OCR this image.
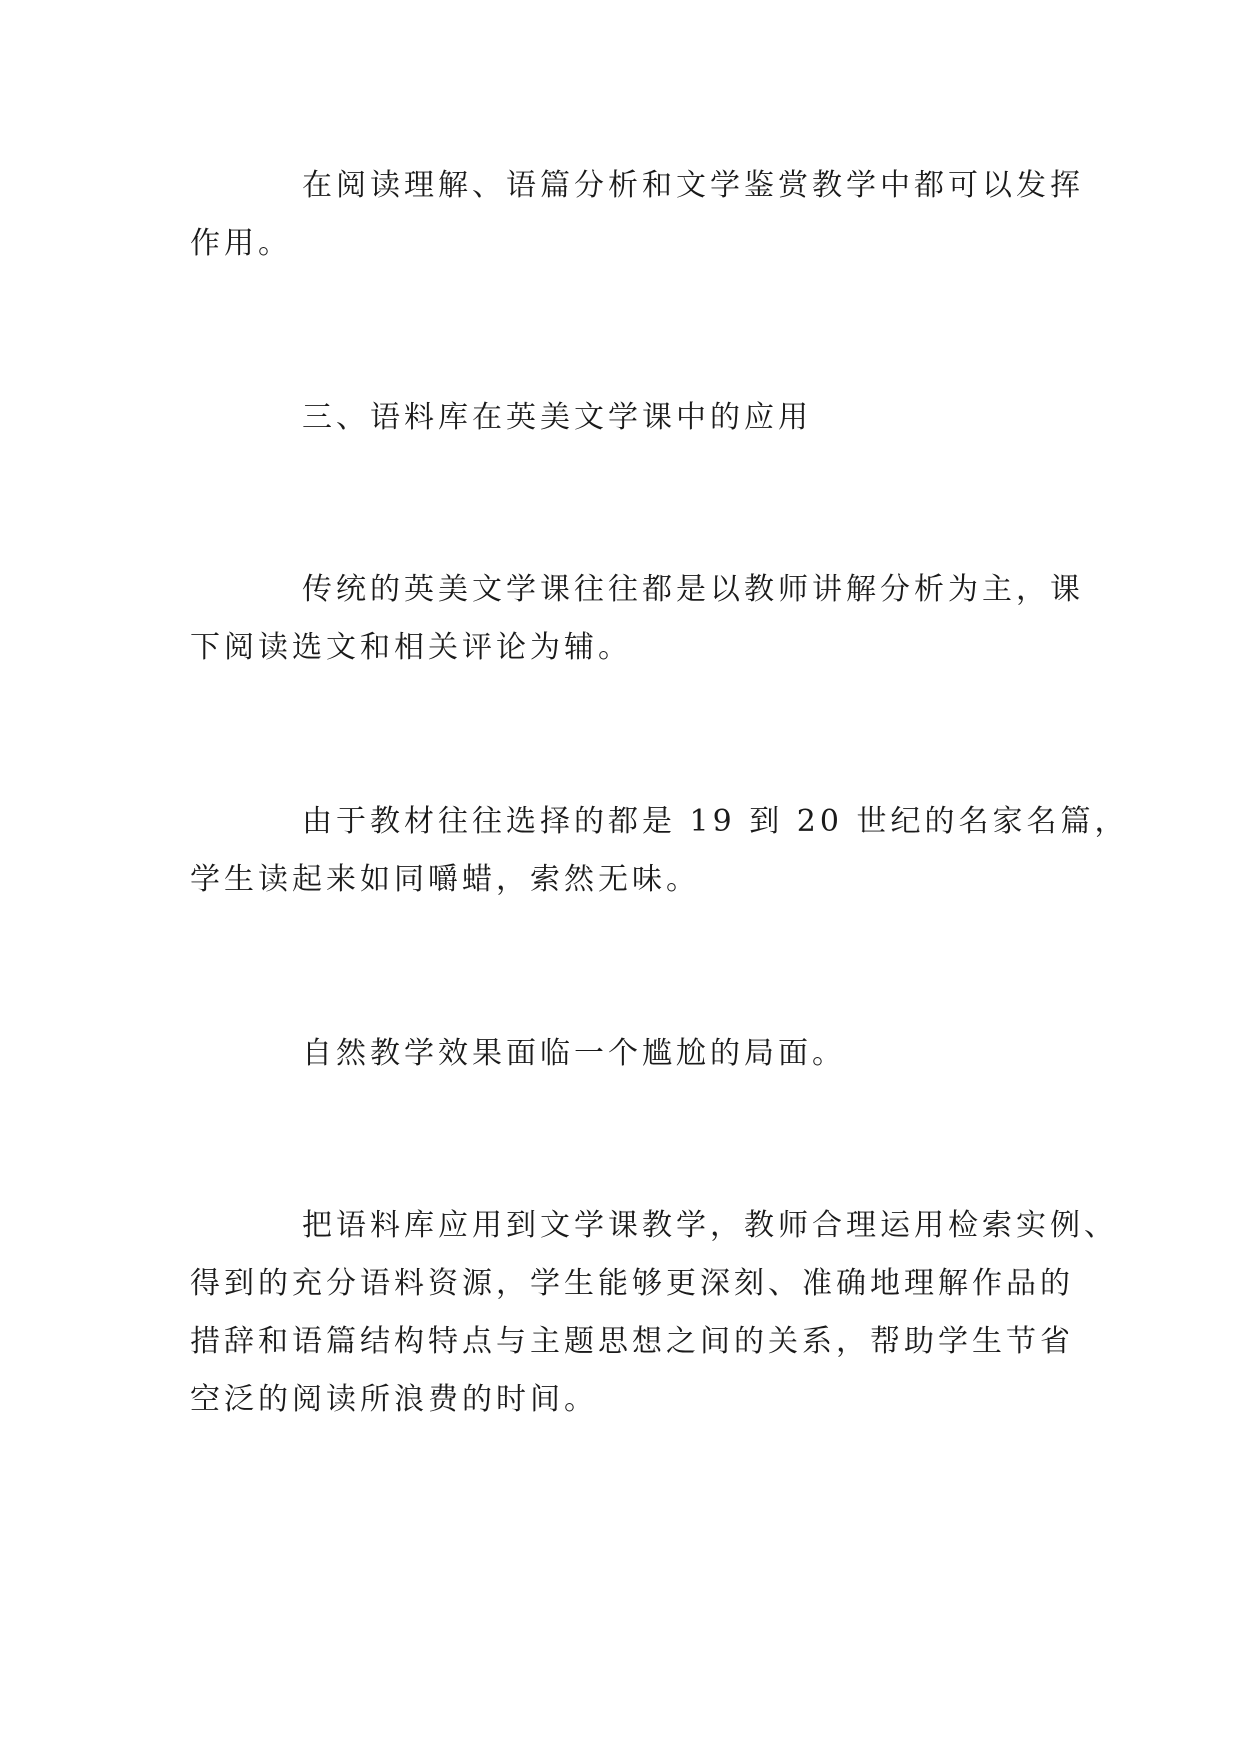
在阅读理解、语篇分析和文学鉴赏教学中都可以发挥
作用。

三、语料库在英美文学课中的应用

传统的英美文学课往往都是以教师讲解分析为主，课
下阅读选文和相关评论为辅。

由于教材往往选择的都是 19 到 20 世纪的名家名篇，
学生读起来如同嚼蜡，索然无味。

自然教学效果面临一个尴尬的局面。

把语料库应用到文学课教学，教师合理运用检索实例、
得到的充分语料资源，学生能够更深刻、准确地理解作品的
措辞和语篇结构特点与主题思想之间的关系，帮助学生节省
空泛的阅读所浪费的时间。
